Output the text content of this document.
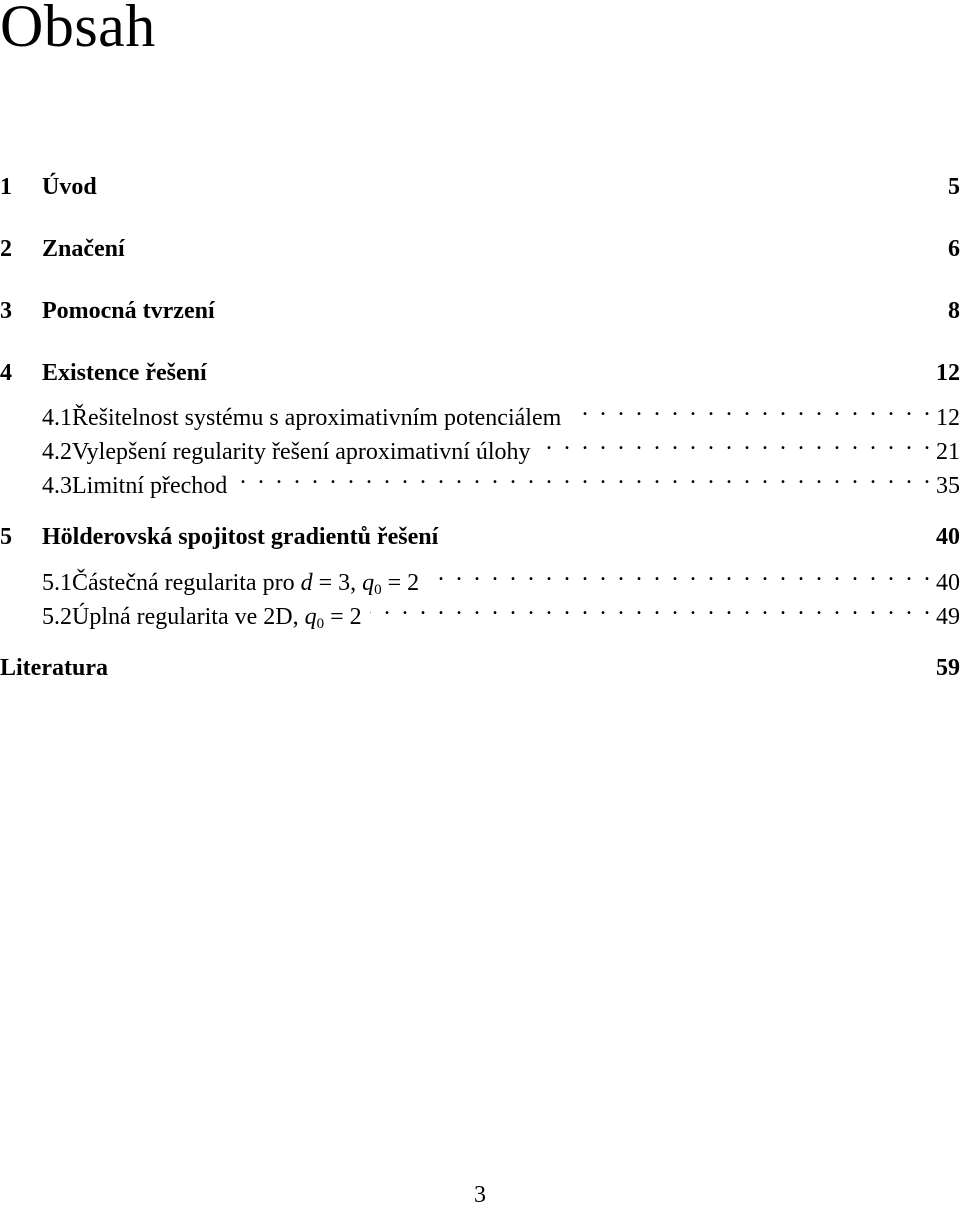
Obsah
1	Úvod	5
2	Značení	6
3	Pomocná tvrzení	8
4	Existence řešení	12
4.1 Řešitelnost systému s aproximativním potenciálem . . .	12
4.2 Vylepšení regularity řešení aproximativní úlohy . . .	21
4.3 Limitní přechod . . .	35
5	Hölderovská spojitost gradientů řešení	40
5.1 Částečná regularita pro d = 3, $q_0 = 2$ . . .	40
5.2 Úplná regularita ve 2D, $q_0 = 2$ . . .	49
Literatura	59
3
